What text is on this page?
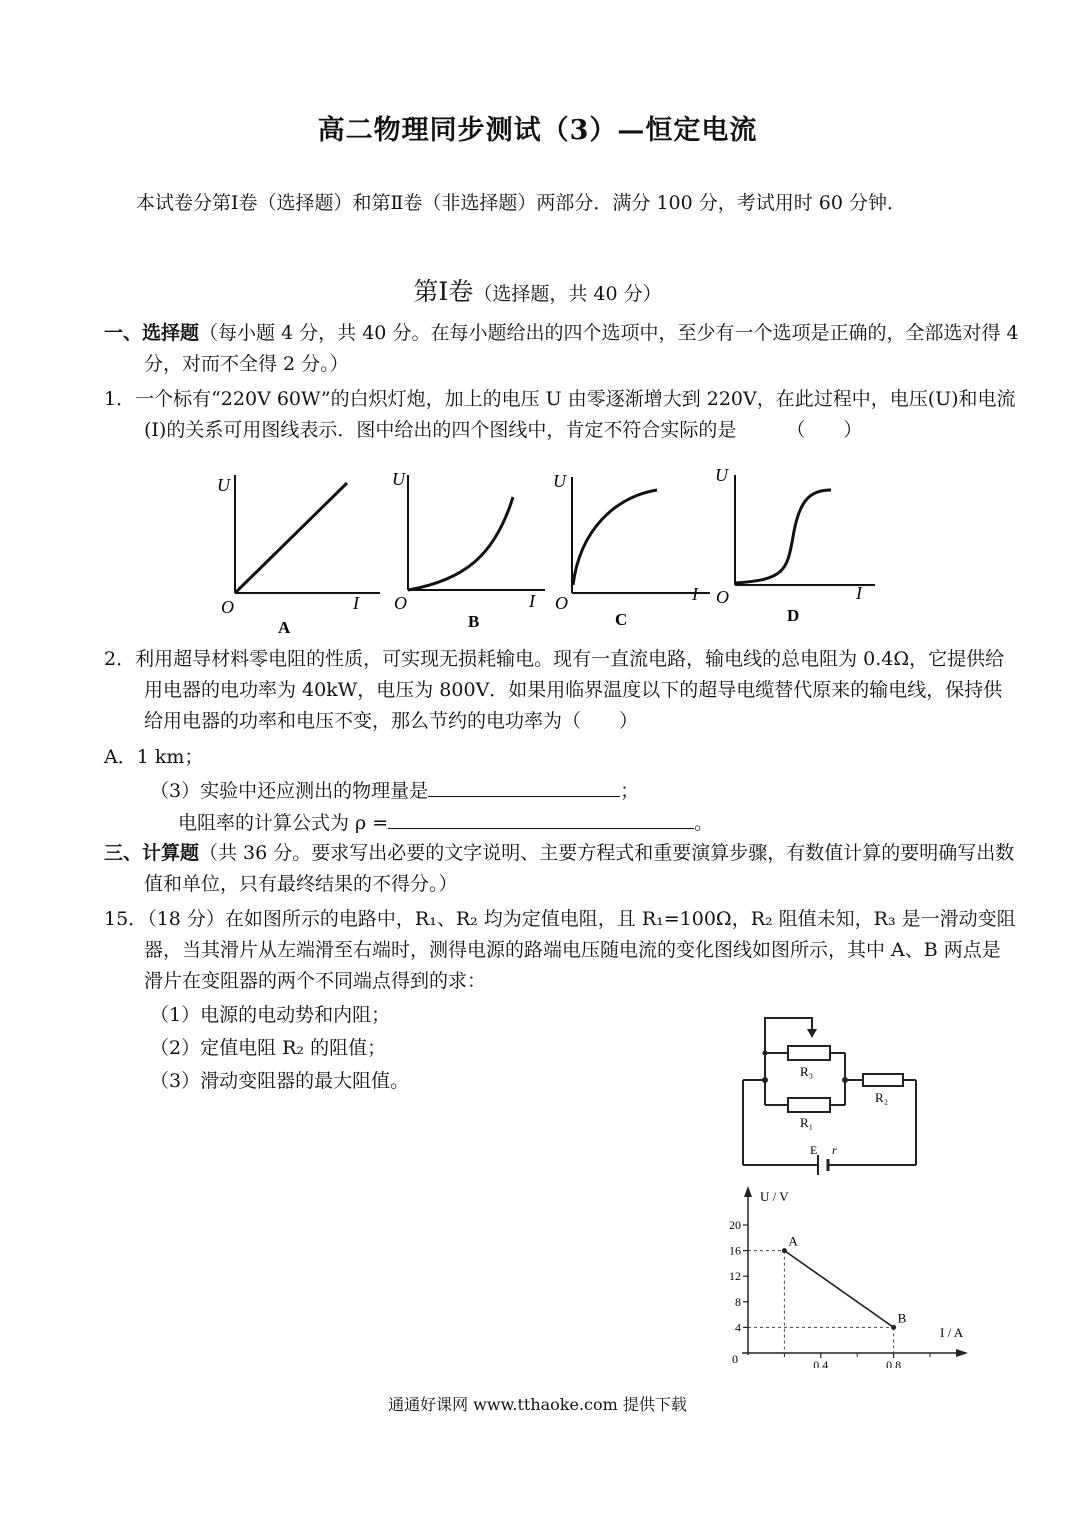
高二物理同步测试（3）—恒定电流
本试卷分第Ⅰ卷（选择题）和第Ⅱ卷（非选择题）两部分．满分 100 分，考试用时 60 分钟．
第Ⅰ卷（选择题，共 40 分）
一、选择题（每小题 4 分，共 40 分。在每小题给出的四个选项中，至少有一个选项是正确的，全部选对得 4 分，对而不全得 2 分。）
1．一个标有“220V 60W”的白炽灯炮，加上的电压 U 由零逐渐增大到 220V，在此过程中，电压(U)和电流(I)的关系可用图线表示．图中给出的四个图线中，肯定不符合实际的是	（　　）
U
O	I
A
U
O	I
B
U
O	I
C
U
O	I
D
2．利用超导材料零电阻的性质，可实现无损耗输电。现有一直流电路，输电线的总电阻为 0.4Ω，它提供给用电器的电功率为 40kW，电压为 800V．如果用临界温度以下的超导电缆替代原来的输电线，保持供给用电器的功率和电压不变，那么节约的电功率为（　　）
A．1 km；
（3）实验中还应测出的物理量是	；
电阻率的计算公式为 ρ =	。
三、计算题（共 36 分。要求写出必要的文字说明、主要方程式和重要演算步骤，有数值计算的要明确写出数值和单位，只有最终结果的不得分。）
15．（18 分）在如图所示的电路中，R₁、R₂ 均为定值电阻，且 R₁=100Ω，R₂ 阻值未知，R₃ 是一滑动变阻器，当其滑片从左端滑至右端时，测得电源的路端电压随电流的变化图线如图所示，其中 A、B 两点是滑片在变阻器的两个不同端点得到的求：
（1）电源的电动势和内阻；
（2）定值电阻 R₂ 的阻值；
（3）滑动变阻器的最大阻值。	R₃
R₁
R₂
E r
U / V
I / A
0
4
8
12
16
20
0.4	0.8
A
B
通通好课网 www.tthaoke.com 提供下载
